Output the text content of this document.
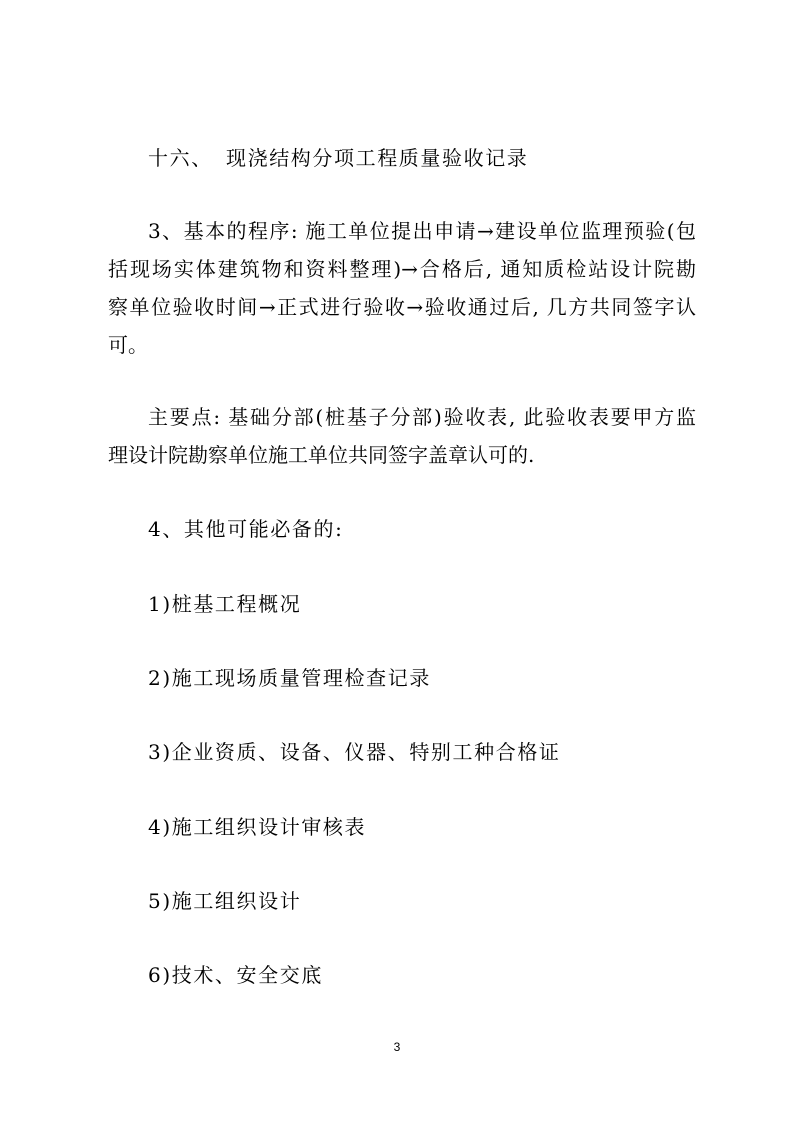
十六、 现浇结构分项工程质量验收记录
3、基本的程序: 施工单位提出申请→建设单位监理预验(包
括现场实体建筑物和资料整理)→合格后, 通知质检站设计院勘
察单位验收时间→正式进行验收→验收通过后, 几方共同签字认
可。
主要点: 基础分部(桩基子分部)验收表, 此验收表要甲方监
理设计院勘察单位施工单位共同签字盖章认可的.
4、其他可能必备的:
1)桩基工程概况
2)施工现场质量管理检查记录
3)企业资质、设备、仪器、特别工种合格证
4)施工组织设计审核表
5)施工组织设计
6)技术、安全交底
3
